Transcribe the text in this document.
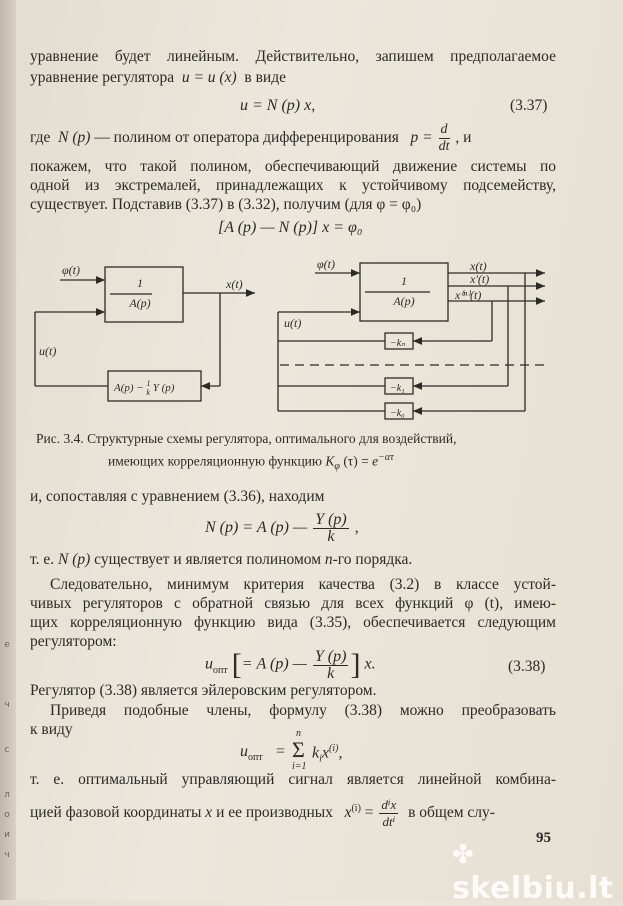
уравнение будет линейным. Действительно, запишем предполагаемое
уравнение регулятора u = u (x) в виде
u = N (p) x,	(3.37)
где N (p) — полином от оператора дифференцирования $p = \frac{d}{dt}$ , и
покажем, что такой полином, обеспечивающий движение системы по
одной из экстремалей, принадлежащих к устойчивому подсемейству,
существует. Подставив (3.37) в (3.32), получим (для φ = φ₀)
[A (p) — N (p)] x = φ₀
φ(t)
1
A(p)
x(t)
u(t)
A(p) − $^1$ k Y (p)
φ(t)
1
A(p)
x(t)
x'(t)
x⁽ⁿ⁾(t)
u(t)
−kₙ
−k₁
−k₀
Рис. 3.4. Структурные схемы регулятора, оптимального для воздействий,
имеющих корреляционную функцию $K_\varphi$ $(\tau) = e^{-\alpha\tau}$
и, сопоставляя с уравнением (3.36), находим
N (p) = A (p) — $\frac{Y (p)}{k}$ ,
т. е. N (p) существует и является полиномом n-го порядка.
Следовательно, минимум критерия качества (3.2) в классе устой-
чивых регуляторов с обратной связью для всех функций φ (t), имею-
щих корреляционную функцию вида (3.35), обеспечивается следующим
регулятором:
$u_{опт}$ [= A (p) — $\frac{Y (p)}{k}$ ] x.	(3.38)
Регулятор (3.38) является эйлеровским регулятором.
Приведя подобные члены, формулу (3.38) можно преобразовать
к виду
$u_{опт}$ =
n
Σ
i=1
$k_ix^{(i)}$,
т. е. оптимальный управляющий сигнал является линейной комбина-
цией фазовой координаты x и ее производных $x^{(i)} = \frac{\text{dⁱx}}{\text{dtⁱ}}$ в общем слу-
95
✤ skelbiu.lt
е
ч
с
л
о
и
ч
